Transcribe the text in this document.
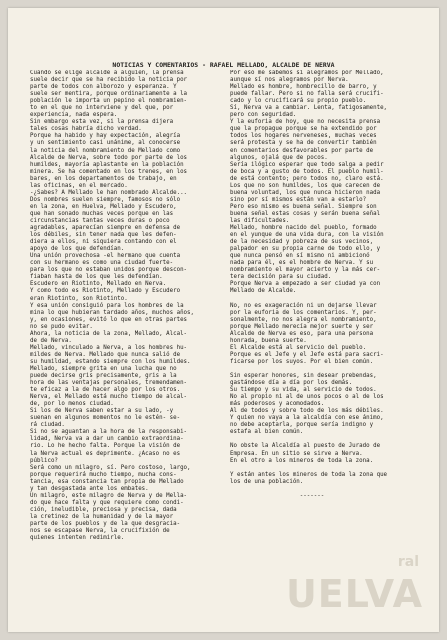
NOTICIAS Y COMENTARIOS - RAFAEL MELLADO, ALCALDE DE NERVA

Cuando se elige alcalde a alguien, la prensa

suele decir que se ha recibido la noticia por

parte de todos con alborozo y esperanza. Y

suele ser mentira, porque ordinariamente a la

población le importa un pepino el nombramien-

to en el que no interviene y del que, por

experiencia, nada espera.

Sin embargo esta vez, si la prensa dijera

tales cosas habría dicho verdad.

Porque ha habido y hay expectación, alegría

y un sentimiento casi unánime, al conocerse

la noticia del nombramiento de Mellado como

Alcalde de Nerva, sobre todo por parte de los

humildes, mayoría aplastante en la población

minera. Se ha comentado en los trenes, en los

bares, en los departamentos de trabajo, en

las oficinas, en el mercado.

-¿Sabes? A Mellado le han nombrado Alcalde...

Dos nombres suelen siempre, famosos no sólo

en la zona, en Huelva, Mellado y Escudero,

que han sonado muchas veces porque en las

circunstancias tantas veces duras o poco

agradables, aparecían siempre en defensa de

los débiles, sin tener nada que les defen-

diera a ellos, ni siquiera contando con el

apoyo de los que defendían.

Una unión provechosa -el hermano que cuenta

con su hermano es como una ciudad fuerte-

para los que no estaban unidos porque descon-

fiaban hasta de los que les defendían.

Escudero en Riotinto, Mellado en Nerva.

Y como todo es Riotinto, Mellado y Escudero

eran Riotinto, son Riotinto.

Y esa unión consiguió para los hombres de la

mina lo que hubieran tardado años, muchos años,

y, en ocasiones, evitó lo que en otras partes

no se pudo evitar.

Ahora, la noticia de la zona, Mellado, Alcal-

de de Nerva.

Mellado, vinculado a Nerva, a los hombres hu-

mildes de Nerva. Mellado que nunca salió de

su humildad, estando siempre con los humildes.

Mellado, siempre grita en una lucha que no

puede decirse gris precisamente, gris a la

hora de las ventajas personales, tremendamen-

te eficaz a la de hacer algo por los otros.

Nerva, el Mellado está mucho tiempo de alcal-

de, por lo menos ciudad.

Si los de Nerva saben estar a su lado, -y

suenan en algunos momentos no le estén- se-

rá ciudad.

Si no se aguantan a la hora de la responsabi-

lidad, Nerva va a dar un cambio extraordina-

rio. Lo he hecho falta. Porque la visión de

la Nerva actual es deprimente. ¿Acaso no es

público?

Será como un milagro, sí. Pero costoso, largo,

porque requerirá mucho tiempo, mucha cons-

tancia, esa constancia tan propia de Mellado

y tan desgastada ante los embates.

Un milagro, este milagro de Nerva y de Mella-

do que hace falta y que requiere como condi-

ción, ineludible, preciosa y precisa, dada

la cretinez de la humanidad y de la mayor

parte de los pueblos y de la que desgracia-

nos se escapase Nerva, la crucifixión de

quienes intenten redimirle.

Por eso me sabemos si alegramos por Mellado,

aunque sí nos alegramos por Nerva.

Mellado es hombre, hombrecillo de barro, y

puede fallar. Pero si no falla será crucifi-

cado y lo crucificará su propio pueblo.

Sí, Nerva va a cambiar. Lenta, fatigosamente,

pero con seguridad.

Y la euforia de hoy, que no necesita prensa

que la propague porque se ha extendido por

todos los hogares nerveneses, muchas veces

será protesta y se ha de convertir también

en comentarios desfavorables por parte de

algunos, ojalá que de pocos.

Sería ilógico esperar que todo salga a pedir

de boca y a gusto de todos. El pueblo humil-

de está contento; pero todos no, claro está.

Los que no son humildes, los que carecen de

buena voluntad, los que nunca hicieron nada

sino por sí mismos están van a estarlo?

Pero eso mismo es buena señal. Siempre son

buena señal estas cosas y serán buena señal

las dificultades.

Mellado, hombre nacido del pueblo, formado

en el yunque de una vida dura, con la visión

de la necesidad y pobreza de sus vecinos,

palpador en su propia carne de todo ello, y

que nunca pensó en sí mismo ni ambicionó

nada para él, es el hombre de Nerva. Y su

nombramiento el mayor acierto y la más cer-

tera decisión para su ciudad.

Porque Nerva a empezado a ser ciudad ya con

Mellado de Alcalde.

No, no es exageración ni un dejarse llevar

por la euforia de los comentarios. Y, per-

sonalmente, no nos alegra el nombramiento,

porque Mellado merecía mejor suerte y ser

Alcalde de Nerva es eso, para una persona

honrada, buena suerte.

El Alcalde está al servicio del pueblo.

Porque es el Jefe y el Jefe está para sacri-

ficarse por los suyos. Por el bien común.

Sin esperar honores, sin desear prebendas,

gastándose día a día por los demás.

Su tiempo y su vida, al servicio de todos.

No al propio ni al de unos pocos o al de los

más poderosos y acomodados.

Al de todos y sobre todo de los más débiles.

Y quien no vaya a la alcaldía con ese ánimo,

no debe aceptarla, porque sería indigno y

estafa al bien común.

No obste la Alcaldía al puesto de Jurado de

Empresa. En un sitio se sirve a Nerva.

En el otro a los mineros de toda la zona.

Y están antes los mineros de toda la zona que

los de una población.

-------

ral
UELVA
